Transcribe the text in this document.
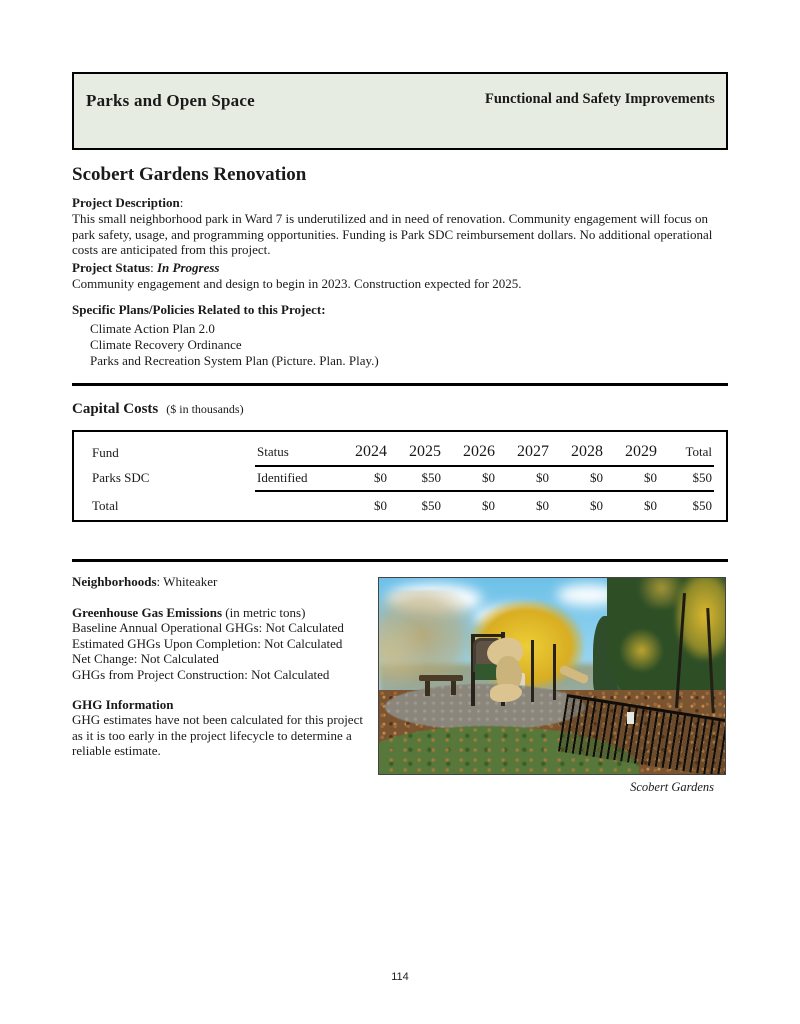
Parks and Open Space	Functional and Safety Improvements
Scobert Gardens Renovation
Project Description:
This small neighborhood park in Ward 7 is underutilized and in need of renovation. Community engagement will focus on park safety, usage, and programming opportunities. Funding is Park SDC reimbursement dollars. No additional operational costs are anticipated from this project.
Project Status: In Progress
Community engagement and design to begin in 2023. Construction expected for 2025.
Specific Plans/Policies Related to this Project:
Climate Action Plan 2.0
Climate Recovery Ordinance
Parks and Recreation System Plan (Picture. Plan. Play.)
Capital Costs ($ in thousands)
Fund	Status	2024	2025	2026	2027	2028	2029	Total
Parks SDC	Identified	$0	$50	$0	$0	$0	$0	$50
Total		$0	$50	$0	$0	$0	$0	$50
Neighborhoods: Whiteaker
Greenhouse Gas Emissions (in metric tons)
Baseline Annual Operational GHGs: Not Calculated
Estimated GHGs Upon Completion: Not Calculated
Net Change: Not Calculated
GHGs from Project Construction: Not Calculated
GHG Information
GHG estimates have not been calculated for this project as it is too early in the project lifecycle to determine a reliable estimate.
Scobert Gardens
114
